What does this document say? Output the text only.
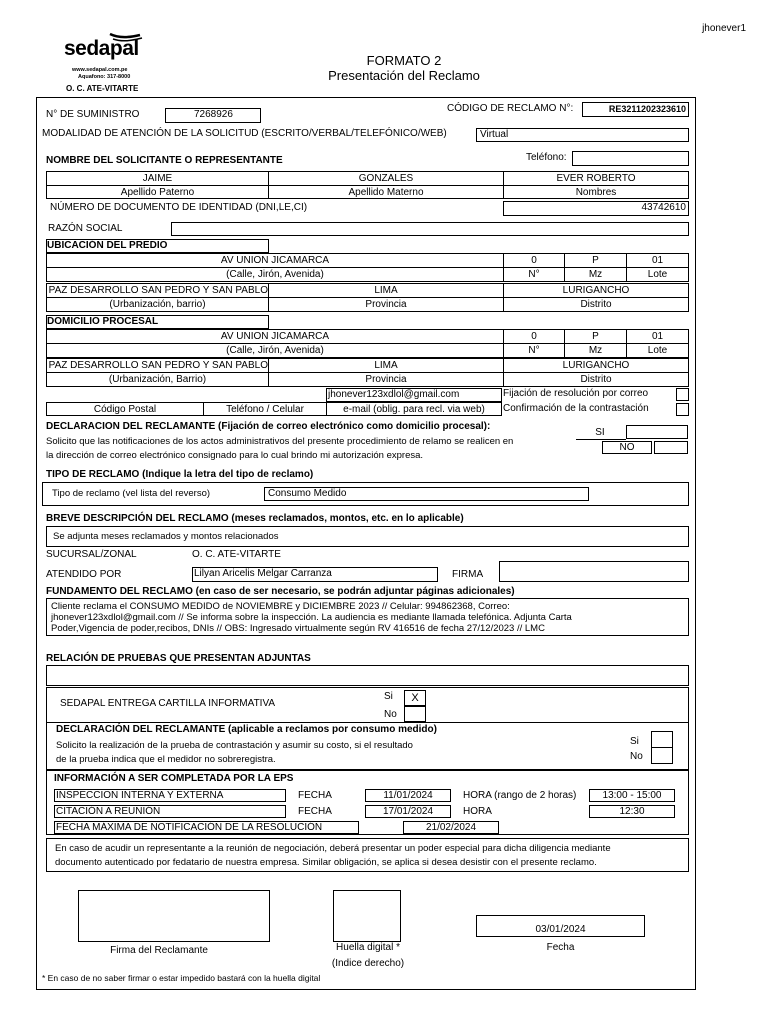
jhonever1
sedapal
www.sedapal.com.pe
Aquafono: 317-8000
O. C. ATE-VITARTE
FORMATO 2
Presentación del Reclamo
N° DE SUMINISTRO	7268926
CÓDIGO DE RECLAMO N°:	RE3211202323610
MODALIDAD DE ATENCIÓN DE LA SOLICITUD (ESCRITO/VERBAL/TELEFÓNICO/WEB)	Virtual
NOMBRE DEL SOLICITANTE O REPRESENTANTE	Teléfono:
JAIME	GONZALES	EVER ROBERTO
Apellido Paterno	Apellido Materno	Nombres
NÚMERO DE DOCUMENTO DE IDENTIDAD (DNI,LE,CI)	43742610
RAZÓN SOCIAL
UBICACIÓN DEL PREDIO
AV UNION JICAMARCA	0	P	01
(Calle, Jirón, Avenida)	N°	Mz	Lote
PAZ DESARROLLO SAN PEDRO Y SAN PABLO	LIMA	LURIGANCHO
(Urbanización, barrio)	Provincia	Distrito
DOMICILIO PROCESAL
AV UNION JICAMARCA	0	P	01
(Calle, Jirón, Avenida)	N°	Mz	Lote
PAZ DESARROLLO SAN PEDRO Y SAN PABLO	LIMA	LURIGANCHO
(Urbanización, Barrio)	Provincia	Distrito
jhonever123xdlol@gmail.com
Código Postal	Teléfono / Celular	e-mail (oblig. para recl. via web)
Fijación de resolución por correo
Confirmación de la contrastación
DECLARACION DEL RECLAMANTE (Fijación de correo electrónico como domicilio procesal):
Solicito que las notificaciones de los actos administrativos del presente procedimiento de relamo se realicen en
la dirección de correo electrónico consignado para lo cual brindo mi autorización expresa.
SI
NO
TIPO DE RECLAMO (Indique la letra del tipo de reclamo)
Tipo de reclamo (vel lista del reverso)	Consumo Medido
BREVE DESCRIPCIÓN DEL RECLAMO (meses reclamados, montos, etc. en lo aplicable)
Se adjunta meses reclamados y montos relacionados
SUCURSAL/ZONAL	O. C. ATE-VITARTE
ATENDIDO POR	Lilyan Aricelis Melgar Carranza	FIRMA
FUNDAMENTO DEL RECLAMO (en caso de ser necesario, se podrán adjuntar páginas adicionales)
Cliente reclama el CONSUMO MEDIDO de NOVIEMBRE y DICIEMBRE 2023 // Celular: 994862368, Correo:
jhonever123xdlol@gmail.com // Se informa sobre la inspección. La audiencia es mediante llamada telefónica. Adjunta Carta
Poder,Vigencia de poder,recibos, DNIs // OBS: Ingresado virtualmente según RV 416516 de fecha 27/12/2023 // LMC
RELACIÓN DE PRUEBAS QUE PRESENTAN ADJUNTAS
SEDAPAL ENTREGA CARTILLA INFORMATIVA
Si	X
No
DECLARACIÓN DEL RECLAMANTE (aplicable a reclamos por consumo medido)
Solicito la realización de la prueba de contrastación y asumir su costo, si el resultado
de la prueba indica que el medidor no sobreregistra.
Si
No
INFORMACIÓN A SER COMPLETADA POR LA EPS
INSPECCION INTERNA Y EXTERNA	FECHA	11/01/2024	HORA (rango de 2 horas)	13:00 - 15:00
CITACIÓN A REUNIÓN	FECHA	17/01/2024	HORA	12:30
FECHA MÁXIMA DE NOTIFICACIÓN DE LA RESOLUCIÓN	21/02/2024
En caso de acudir un representante a la reunión de negociación, deberá presentar un poder especial para dicha diligencia mediante
documento autenticado por fedatario de nuestra empresa. Similar obligación, se aplica si desea desistir con el presente reclamo.
Firma del Reclamante	Huella digital *
(Indice derecho)
03/01/2024
Fecha
* En caso de no saber firmar o estar impedido bastará con la huella digital
